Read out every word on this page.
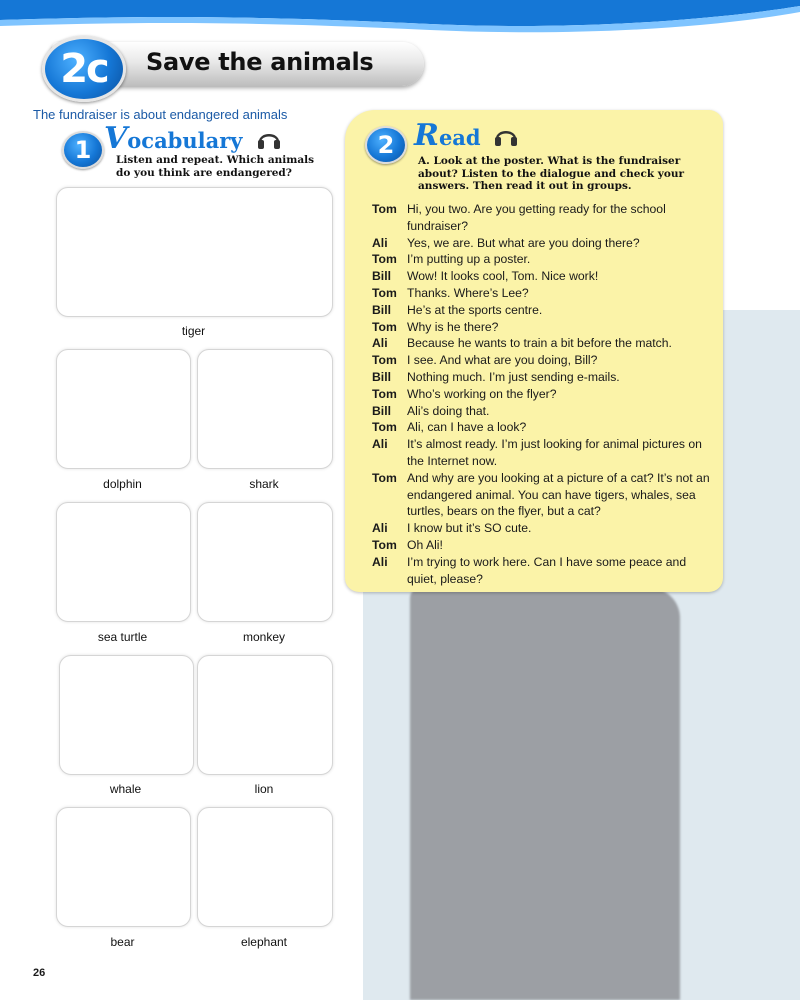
2c	Save the animals
The fundraiser is about endangered animals
1 Vocabulary
Listen and repeat. Which animals
do you think are endangered?
tiger
dolphin	shark
sea turtle	monkey
whale	lion
bear	elephant
2 Read
A. Look at the poster. What is the fundraiser
about? Listen to the dialogue and check your
answers. Then read it out in groups.
Tom Hi, you two. Are you getting ready for the school fundraiser?
Ali	Yes, we are. But what are you doing there?
Tom I’m putting up a poster.
Bill	Wow! It looks cool, Tom. Nice work!
Tom Thanks. Where’s Lee?
Bill	He’s at the sports centre.
Tom Why is he there?
Ali	Because he wants to train a bit before the match.
Tom I see. And what are you doing, Bill?
Bill	Nothing much. I’m just sending e-mails.
Tom Who’s working on the flyer?
Bill	Ali’s doing that.
Tom Ali, can I have a look?
Ali	It’s almost ready. I’m just looking for animal pictures on the Internet now.
Tom And why are you looking at a picture of a cat? It’s not an endangered animal. You can have tigers, whales, sea turtles, bears on the flyer, but a cat?
Ali	I know but it’s SO cute.
Tom Oh Ali!
Ali	I’m trying to work here. Can I have some peace and quiet, please?
26
